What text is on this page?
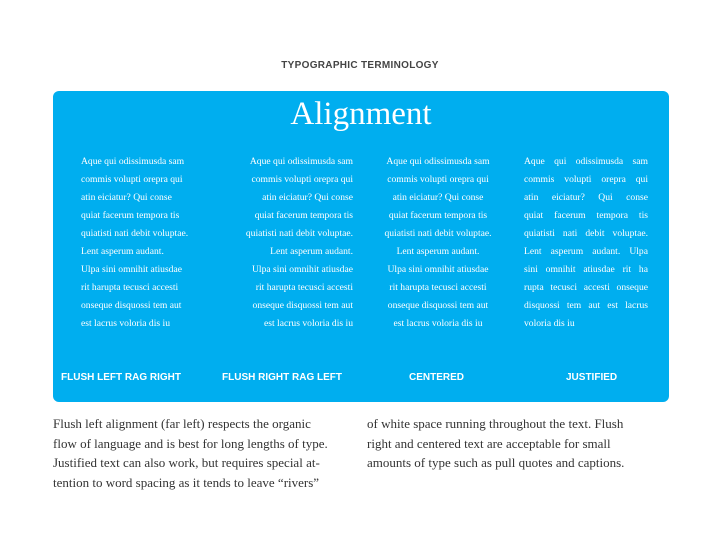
TYPOGRAPHIC TERMINOLOGY
Alignment
Aque qui odissimusda sam
commis volupti orepra qui
atin eiciatur? Qui conse
quiat facerum tempora tis
quiatisti nati debit voluptae.
Lent asperum audant.
Ulpa sini omnihit atiusdae
rit harupta tecusci accesti
onseque disquossi tem aut
est lacrus voloria dis iu
Aque qui odissimusda sam
commis volupti orepra qui
atin eiciatur? Qui conse
quiat facerum tempora tis
quiatisti nati debit voluptae.
Lent asperum audant.
Ulpa sini omnihit atiusdae
rit harupta tecusci accesti
onseque disquossi tem aut
est lacrus voloria dis iu
Aque qui odissimusda sam
commis volupti orepra qui
atin eiciatur? Qui conse
quiat facerum tempora tis
quiatisti nati debit voluptae.
Lent asperum audant.
Ulpa sini omnihit atiusdae
rit harupta tecusci accesti
onseque disquossi tem aut
est lacrus voloria dis iu
Aque qui odissimusda sam
commis volupti orepra qui
atin eiciatur? Qui conse
quiat facerum tempora tis
quiatisti nati debit voluptae.
Lent asperum audant. Ulpa
sini omnihit atiusdae rit ha
rupta tecusci accesti onseque
disquossi tem aut est lacrus
voloria dis iu
FLUSH LEFT RAG RIGHT	FLUSH RIGHT RAG LEFT	CENTERED	JUSTIFIED
Flush left alignment (far left) respects the organic
flow of language and is best for long lengths of type.
Justified text can also work, but requires special at-
tention to word spacing as it tends to leave “rivers”
of white space running throughout the text. Flush
right and centered text are acceptable for small
amounts of type such as pull quotes and captions.
